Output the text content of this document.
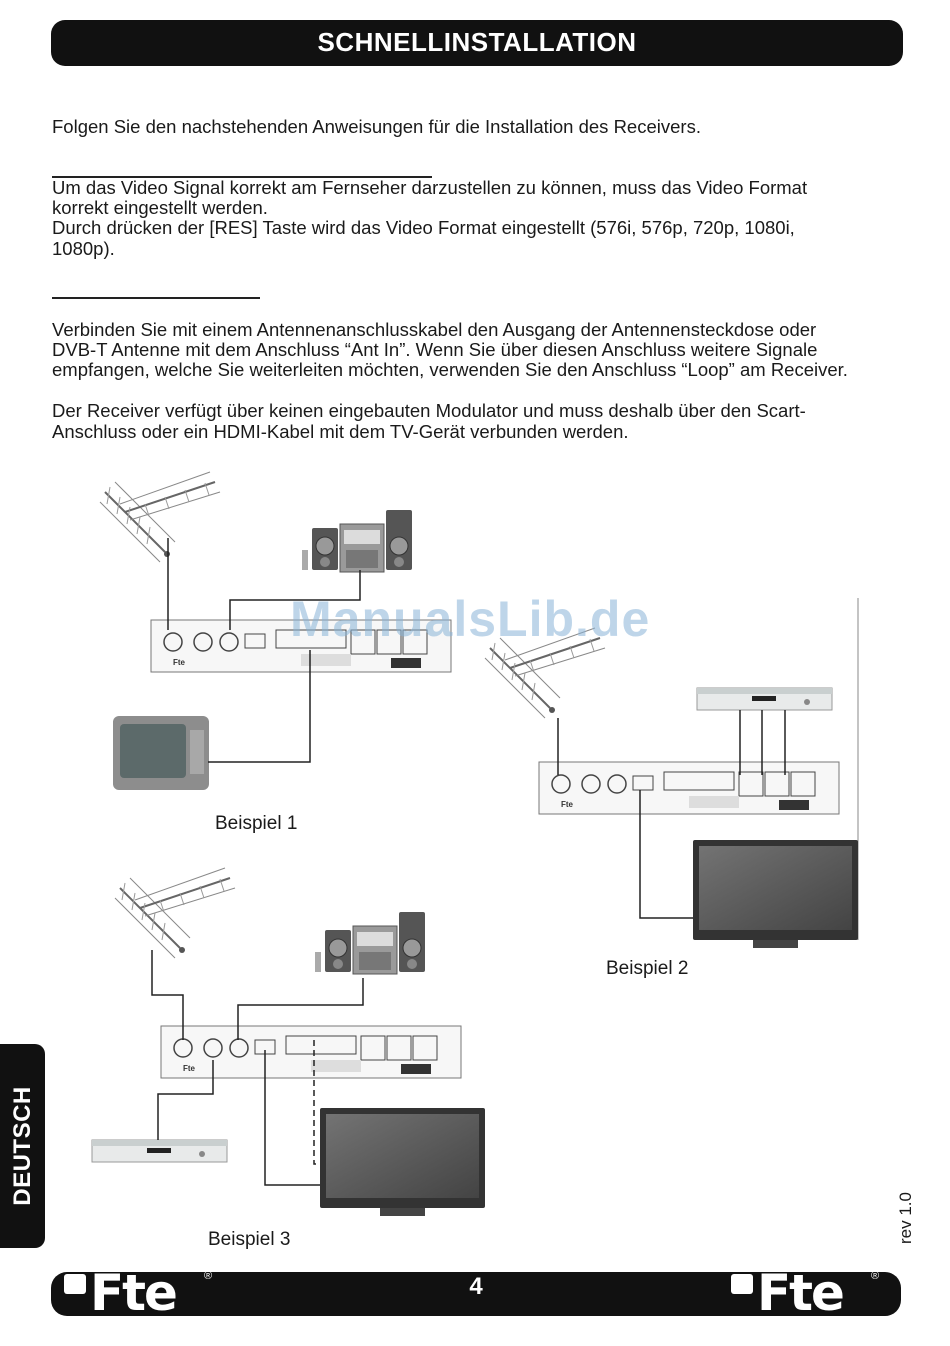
SCHNELLINSTALLATION

Folgen Sie den nachstehenden Anweisungen für die Installation des Receivers.

Um das Video Signal korrekt am Fernseher darzustellen zu können, muss das Video Format

korrekt eingestellt werden.

Durch drücken der [RES] Taste wird das Video Format eingestellt (576i, 576p, 720p, 1080i,

1080p).

Verbinden Sie mit einem Antennenanschlusskabel den Ausgang der Antennensteckdose oder

DVB-T Antenne mit dem Anschluss “Ant In”. Wenn Sie über diesen Anschluss weitere Signale

empfangen, welche Sie weiterleiten möchten, verwenden Sie den Anschluss “Loop” am Receiver.

Der Receiver verfügt über keinen eingebauten Modulator und muss deshalb über den Scart-

Anschluss oder ein HDMI-Kabel mit dem TV-Gerät verbunden werden.

Fte
ManualsLib.de
Beispiel 1
Beispiel 2
Beispiel 3
DEUTSCH
rev 1.0
4
Fte	®	Fte	®
